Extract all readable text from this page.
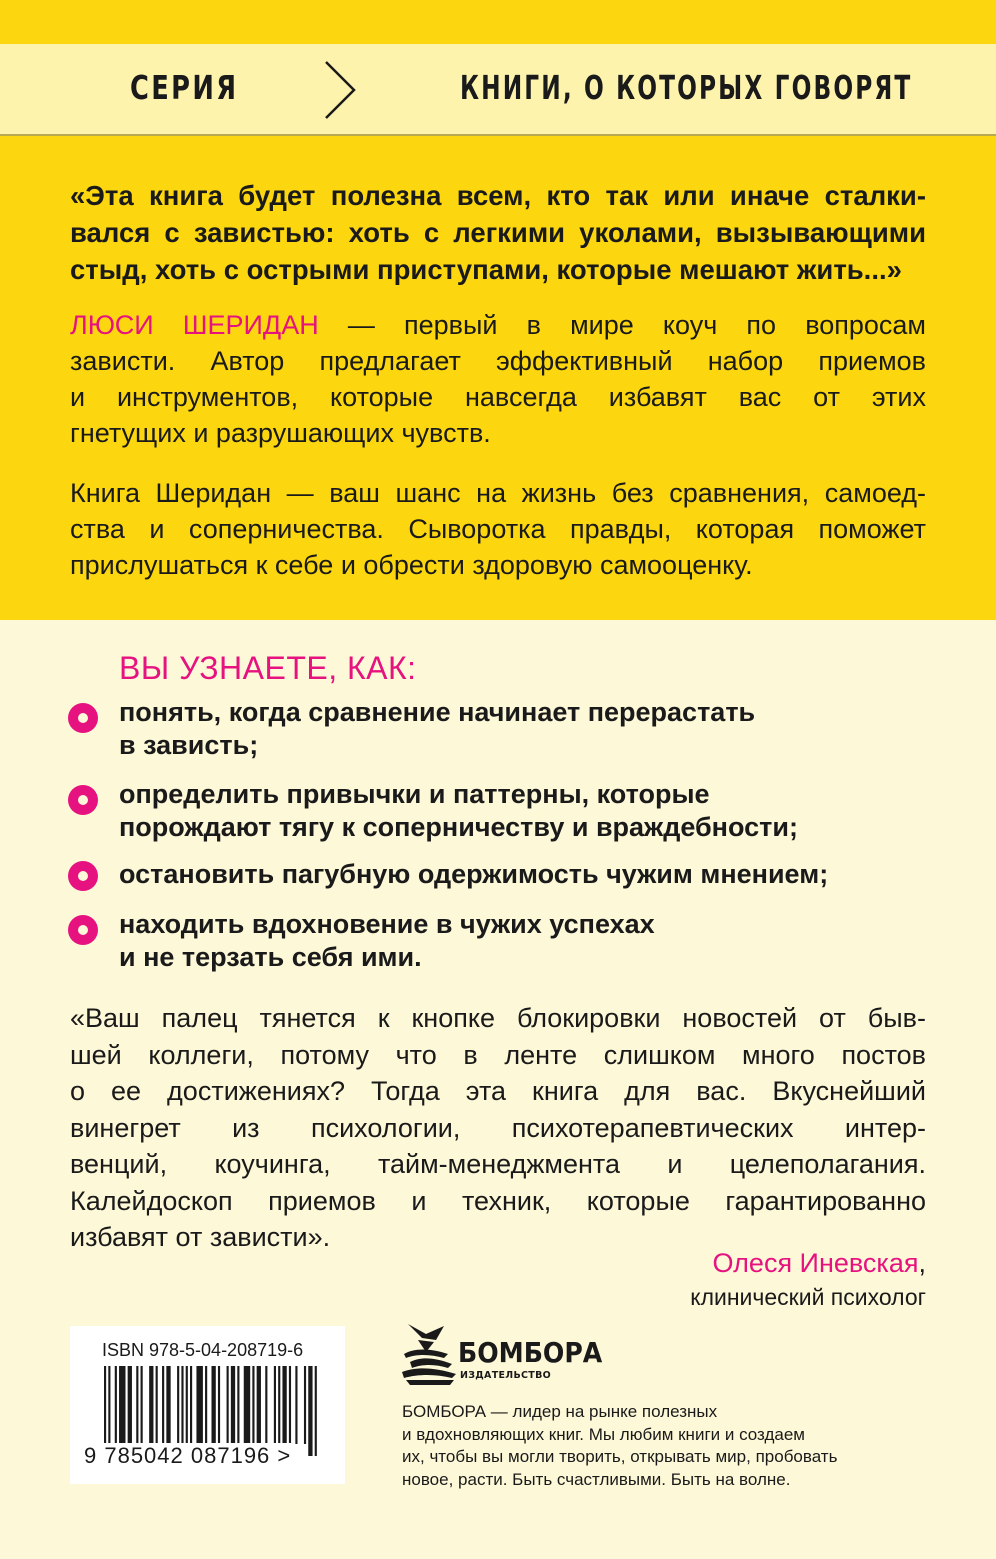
СЕРИЯ	КНИГИ, О КОТОРЫХ ГОВОРЯТ
«Эта книга будет полезна всем, кто так или иначе сталки-
вался с завистью: хоть с легкими уколами, вызывающими
стыд, хоть с острыми приступами, которые мешают жить...»
ЛЮСИ ШЕРИДАН — первый в мире коуч по вопросам
зависти. Автор предлагает эффективный набор приемов
и инструментов, которые навсегда избавят вас от этих
гнетущих и разрушающих чувств.
Книга Шеридан — ваш шанс на жизнь без сравнения, самоед-
ства и соперничества. Сыворотка правды, которая поможет
прислушаться к себе и обрести здоровую самооценку.
ВЫ УЗНАЕТЕ, КАК:
понять, когда сравнение начинает перерастать
в зависть;
определить привычки и паттерны, которые
порождают тягу к соперничеству и враждебности;
остановить пагубную одержимость чужим мнением;
находить вдохновение в чужих успехах
и не терзать себя ими.
«Ваш палец тянется к кнопке блокировки новостей от быв-
шей коллеги, потому что в ленте слишком много постов
о ее достижениях? Тогда эта книга для вас. Вкуснейший
винегрет из психологии, психотерапевтических интер-
венций, коучинга, тайм-менеджмента и целеполагания.
Калейдоскоп приемов и техник, которые гарантированно
избавят от зависти».
Олеся Иневская,
клинический психолог
ISBN 978-5-04-208719-6
9 785042 087196 >
БОМБОРА
ИЗДАТЕЛЬСТВО
БОМБОРА — лидер на рынке полезных
и вдохновляющих книг. Мы любим книги и создаем
их, чтобы вы могли творить, открывать мир, пробовать
новое, расти. Быть счастливыми. Быть на волне.
